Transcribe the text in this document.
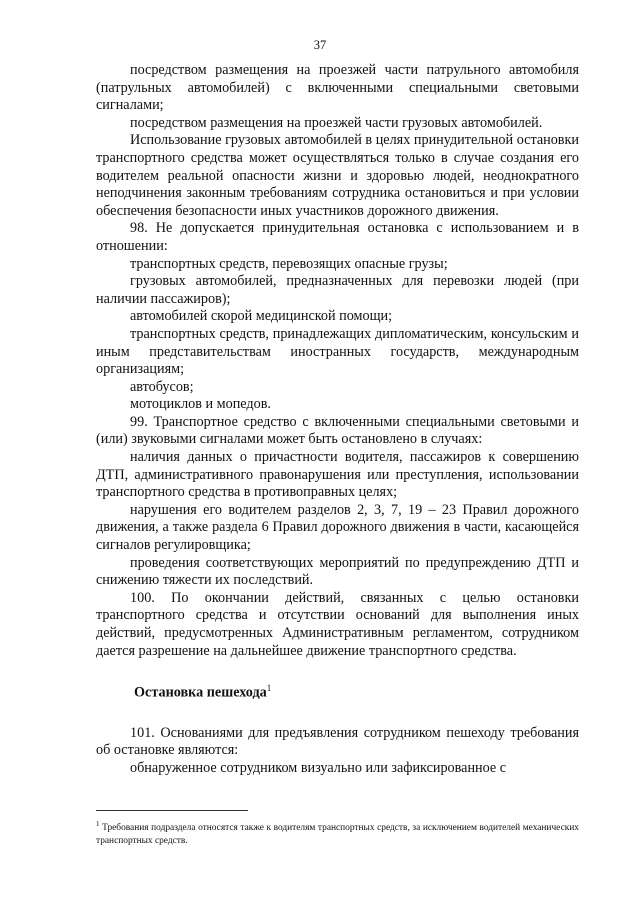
37

посредством размещения на проезжей части патрульного автомобиля (патрульных автомобилей) с включенными специальными световыми сигналами;

посредством размещения на проезжей части грузовых автомобилей.

Использование грузовых автомобилей в целях принудительной остановки транспортного средства может осуществляться только в случае создания его водителем реальной опасности жизни и здоровью людей, неоднократного неподчинения законным требованиям сотрудника остановиться и при условии обеспечения безопасности иных участников дорожного движения.

98. Не допускается принудительная остановка с использованием и в отношении:

транспортных средств, перевозящих опасные грузы;

грузовых автомобилей, предназначенных для перевозки людей (при наличии пассажиров);

автомобилей скорой медицинской помощи;

транспортных средств, принадлежащих дипломатическим, консульским и иным представительствам иностранных государств, международным организациям;

автобусов;

мотоциклов и мопедов.

99. Транспортное средство с включенными специальными световыми и (или) звуковыми сигналами может быть остановлено в случаях:

наличия данных о причастности водителя, пассажиров к совершению ДТП, административного правонарушения или преступления, использовании транспортного средства в противоправных целях;

нарушения его водителем разделов 2, 3, 7, 19 – 23 Правил дорожного движения, а также раздела 6 Правил дорожного движения в части, касающейся сигналов регулировщика;

проведения соответствующих мероприятий по предупреждению ДТП и снижению тяжести их последствий.

100. По окончании действий, связанных с целью остановки транспортного средства и отсутствии оснований для выполнения иных действий, предусмотренных Административным регламентом, сотрудником дается разрешение на дальнейшее движение транспортного средства.

Остановка пешехода$^1$

101. Основаниями для предъявления сотрудником пешеходу требования об остановке являются:

обнаруженное сотрудником визуально или зафиксированное с

$^1$ Требования подраздела относятся также к водителям транспортных средств, за исключением водителей механических транспортных средств.
